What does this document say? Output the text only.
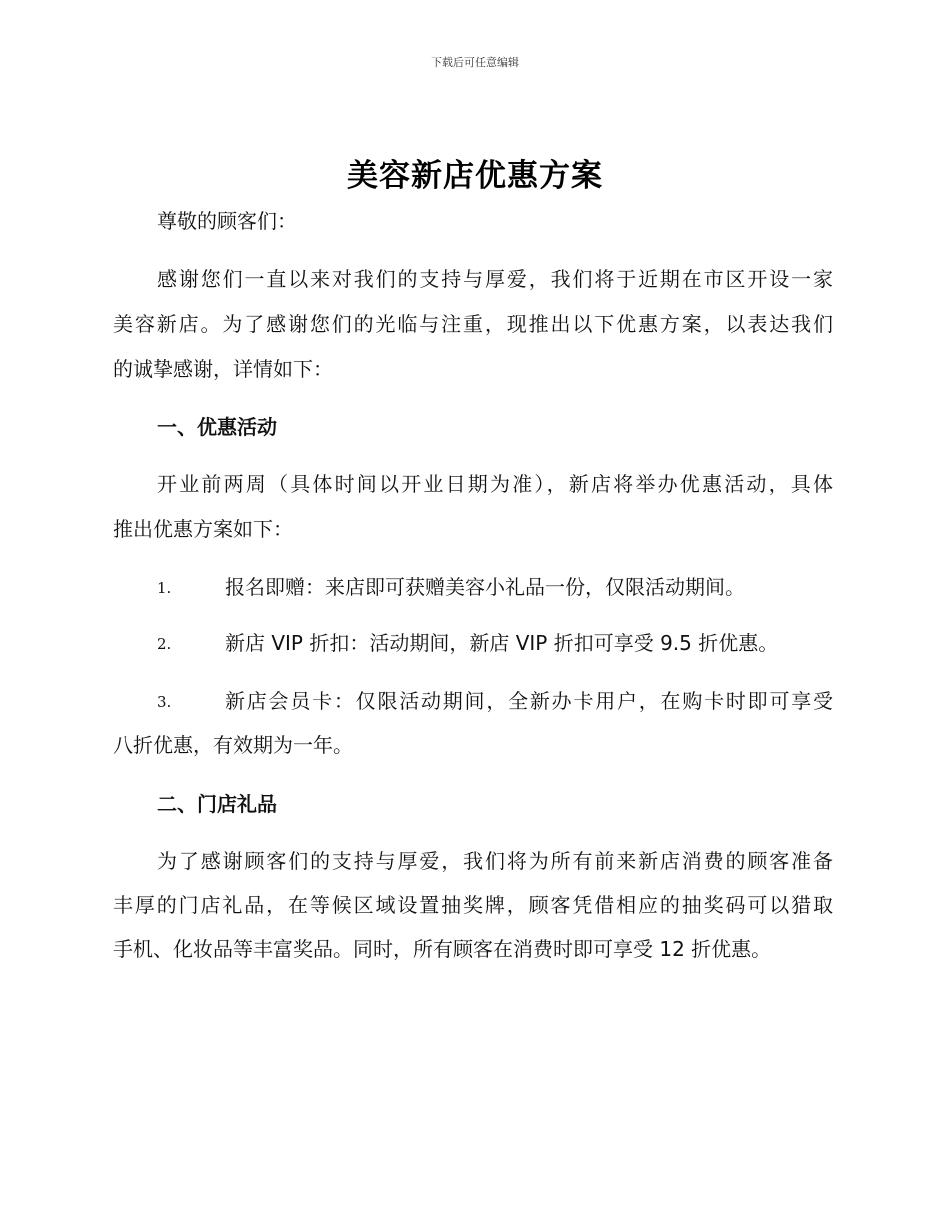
下载后可任意编辑
美容新店优惠方案
尊敬的顾客们：
感谢您们一直以来对我们的支持与厚爱，我们将于近期在市区开设一家
美容新店。为了感谢您们的光临与注重，现推出以下优惠方案，以表达我们
的诚挚感谢，详情如下：
一、优惠活动
开业前两周（具体时间以开业日期为准），新店将举办优惠活动，具体
推出优惠方案如下：
1.	报名即赠：来店即可获赠美容小礼品一份，仅限活动期间。
2.	新店 VIP 折扣：活动期间，新店 VIP 折扣可享受 9.5 折优惠。
3.	新店会员卡：仅限活动期间，全新办卡用户，在购卡时即可享受
八折优惠，有效期为一年。
二、门店礼品
为了感谢顾客们的支持与厚爱，我们将为所有前来新店消费的顾客准备
丰厚的门店礼品，在等候区域设置抽奖牌，顾客凭借相应的抽奖码可以猎取
手机、化妆品等丰富奖品。同时，所有顾客在消费时即可享受 12 折优惠。
